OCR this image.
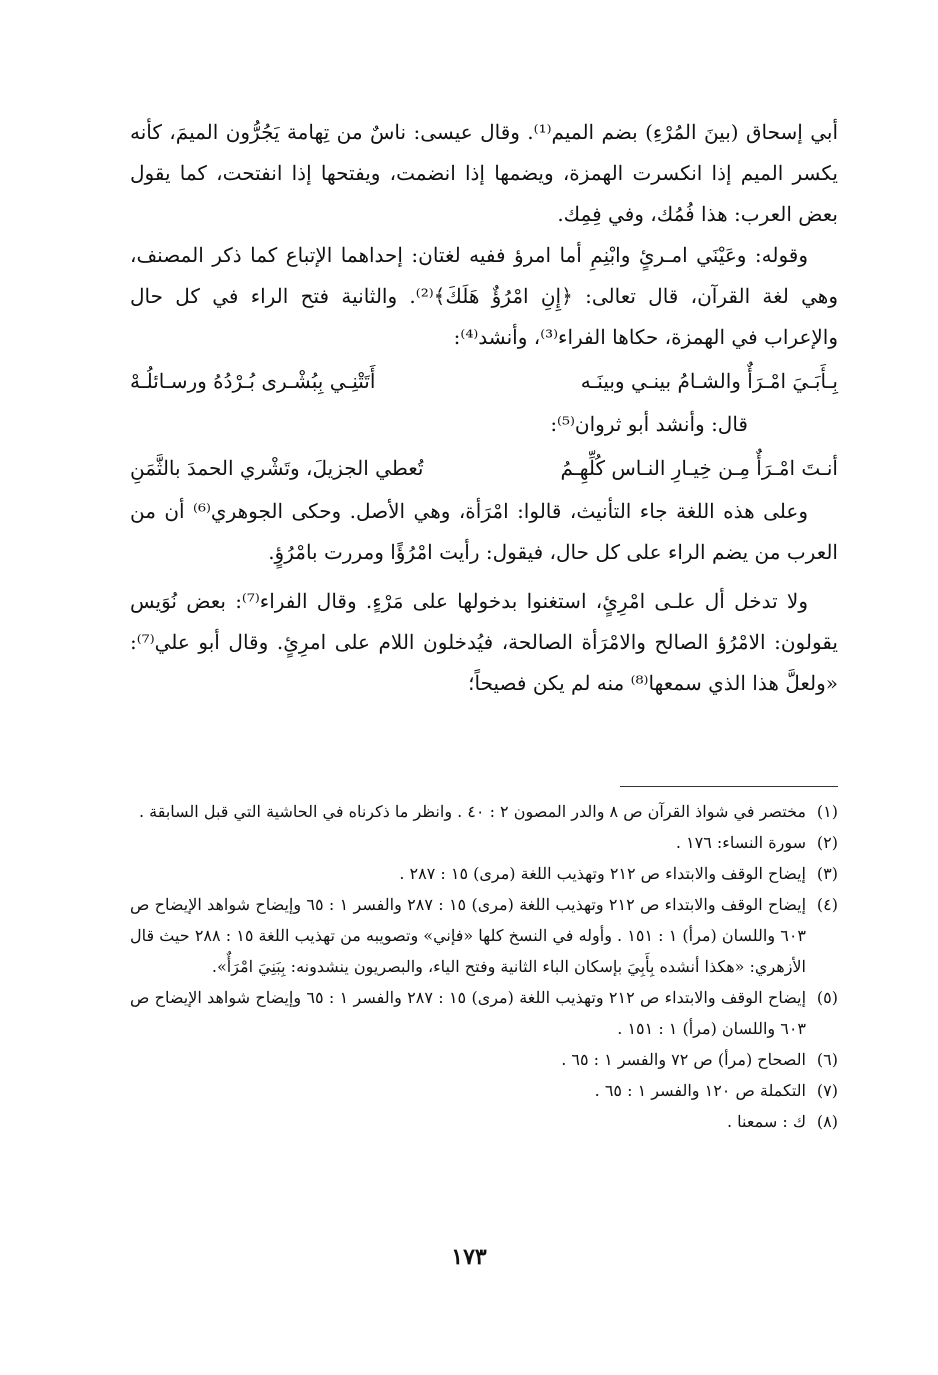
أبي إسحاق (بينَ المُرْءِ) بضم الميم⁽¹⁾. وقال عيسى: ناسٌ من تِهامة يَجُرُّون الميمَ، كأنه يكسر الميم إذا انكسرت الهمزة، ويضمها إذا انضمت، ويفتحها إذا انفتحت، كما يقول بعض العرب: هذا فُمُك، وفي فِمِك.

وقوله: وعَيْنَي امـرئٍ وابْنِمِ أما امرؤ ففيه لغتان: إحداهما الإتباع كما ذكر المصنف، وهي لغة القرآن، قال تعالى: ﴿إِنِ امْرُؤٌ هَلَكَ﴾⁽²⁾. والثانية فتح الراء في كل حال والإعراب في الهمزة، حكاها الفراء⁽³⁾، وأنشد⁽⁴⁾:

بِـأَبَـيَ امْـرَأٌ والشـامُ بينـي وبينَـه
أَتَتْنِـي بِبُشْـرى بُـرْدُهُ ورسـائلُـهْ

قال: وأنشد أبو ثروان⁽⁵⁾:

أنـتَ امْـرَأٌ مِـن خِيـارِ النـاس كُلِّهِـمُ
تُعطي الجزيلَ، وتَشْري الحمدَ بالثَّمَنِ

وعلى هذه اللغة جاء التأنيث، قالوا: امْرَأة، وهي الأصل. وحكى الجوهري⁽⁶⁾ أن من العرب من يضم الراء على كل حال، فيقول: رأيت امْرُؤًا ومررت بامْرُؤٍ.

ولا تدخل أل علـى امْرِئٍ، استغنوا بدخولها على مَرْءٍ. وقال الفراء⁽⁷⁾: بعض نُوَيس يقولون: الامْرُؤ الصالح والامْرَأة الصالحة، فيُدخلون اللام على امرِئٍ. وقال أبو علي⁽⁷⁾: «ولعلَّ هذا الذي سمعها⁽⁸⁾ منه لم يكن فصيحاً؛

(١)
مختصر في شواذ القرآن ص ٨ والدر المصون ٢ : ٤٠ . وانظر ما ذكرناه في الحاشية التي قبل السابقة .
(٢)
سورة النساء: ١٧٦ .
(٣)
إيضاح الوقف والابتداء ص ٢١٢ وتهذيب اللغة (مرى) ١٥ : ٢٨٧ .
(٤)
إيضاح الوقف والابتداء ص ٢١٢ وتهذيب اللغة (مرى) ١٥ : ٢٨٧ والفسر ١ : ٦٥ وإيضاح شواهد الإيضاح ص ٦٠٣ واللسان (مرأ) ١ : ١٥١ . وأوله في النسخ كلها «فإني» وتصويبه من تهذيب اللغة ١٥ : ٢٨٨ حيث قال الأزهري: «هكذا أنشده بِأَبِيَ بإسكان الباء الثانية وفتح الياء، والبصريون ينشدونه: بِبَنِيَ امْرَأٌ».
(٥)
إيضاح الوقف والابتداء ص ٢١٢ وتهذيب اللغة (مرى) ١٥ : ٢٨٧ والفسر ١ : ٦٥ وإيضاح شواهد الإيضاح ص ٦٠٣ واللسان (مرأ) ١ : ١٥١ .
(٦)
الصحاح (مرأ) ص ٧٢ والفسر ١ : ٦٥ .
(٧)
التكملة ص ١٢٠ والفسر ١ : ٦٥ .
(٨)
ك : سمعنا .
١٧٣
